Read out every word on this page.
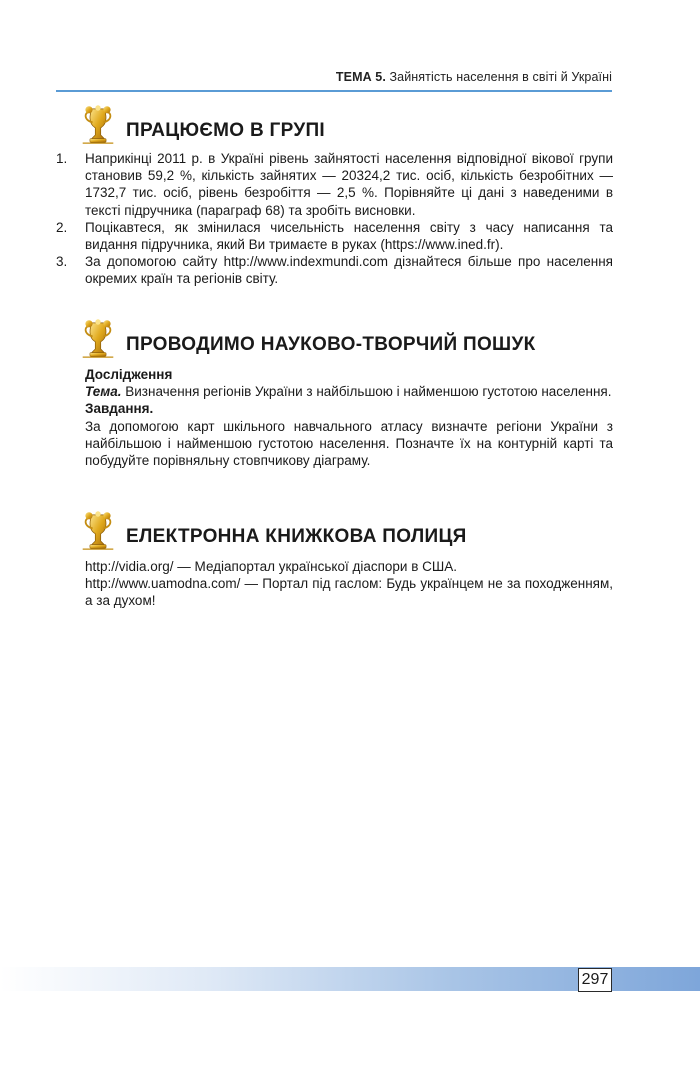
ТЕМА 5. Зайнятість населення в світі й Україні
ПРАЦЮЄМО В ГРУПІ
1.	Наприкінці 2011 р. в Україні рівень зайнятості населення відповідної вікової групи становив 59,2 %, кількість зайнятих — 20324,2 тис. осіб, кількість безробітних — 1732,7 тис. осіб, рівень безробіття — 2,5 %. Порівняйте ці дані з наведеними в тексті підручника (параграф 68) та зробіть висновки.
2.	Поцікавтеся, як змінилася чисельність населення світу з часу написання та видання підручника, який Ви тримаєте в руках (https://www.ined.fr).
3.	За допомогою сайту http://www.indexmundi.com дізнайтеся більше про населення окремих країн та регіонів світу.
ПРОВОДИМО НАУКОВО-ТВОРЧИЙ ПОШУК
Дослідження
Тема. Визначення регіонів України з найбільшою і найменшою густотою населення.
Завдання.
За допомогою карт шкільного навчального атласу визначте регіони України з найбільшою і найменшою густотою населення. Позначте їх на контурній карті та побудуйте порівняльну стовпчикову діаграму.
ЕЛЕКТРОННА КНИЖКОВА ПОЛИЦЯ
http://vidia.org/ — Медіапортал української діаспори в США.
http://www.uamodna.com/ — Портал під гаслом: Будь українцем не за походженням, а за духом!
297
